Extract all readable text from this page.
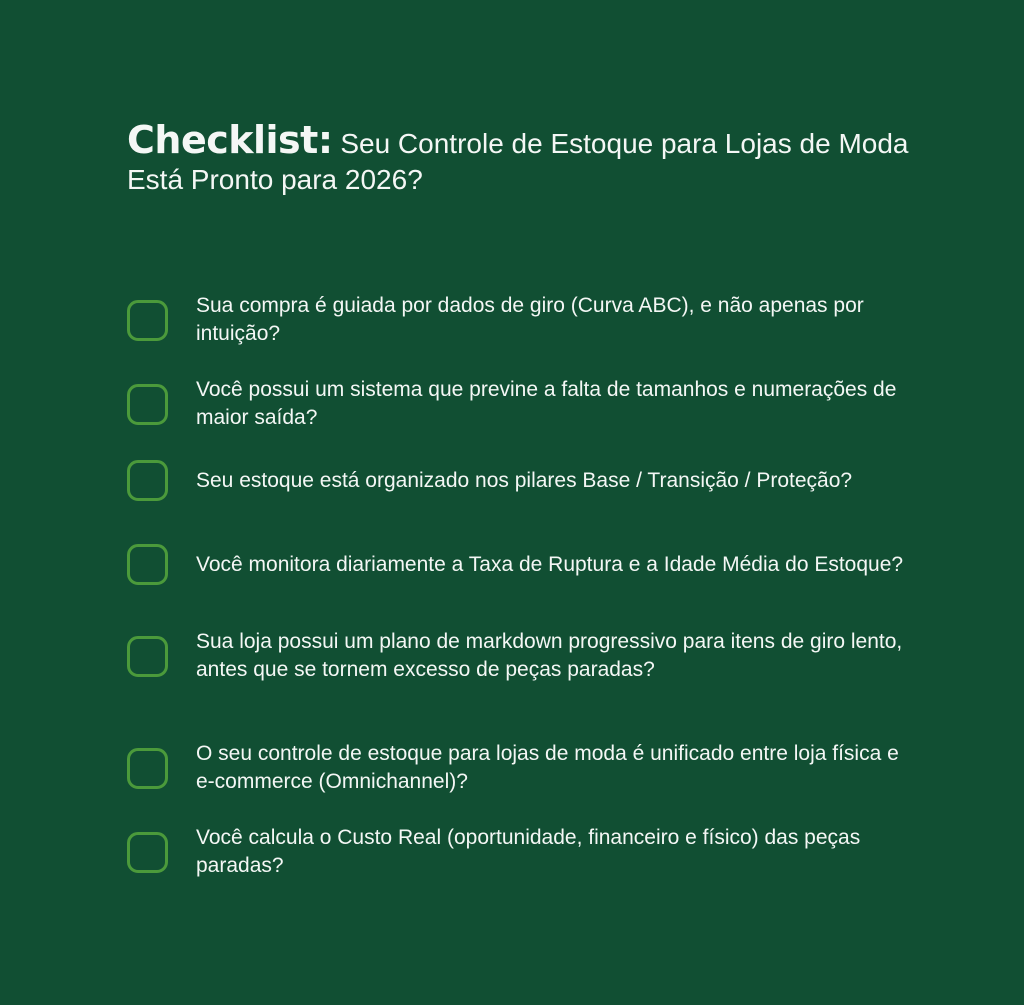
Checklist: Seu Controle de Estoque para Lojas de Moda Está Pronto para 2026?
Sua compra é guiada por dados de giro (Curva ABC), e não apenas por intuição?
Você possui um sistema que previne a falta de tamanhos e numerações de maior saída?
Seu estoque está organizado nos pilares Base / Transição / Proteção?
Você monitora diariamente a Taxa de Ruptura e a Idade Média do Estoque?
Sua loja possui um plano de markdown progressivo para itens de giro lento, antes que se tornem excesso de peças paradas?
O seu controle de estoque para lojas de moda é unificado entre loja física e e-commerce (Omnichannel)?
Você calcula o Custo Real (oportunidade, financeiro e físico) das peças paradas?
